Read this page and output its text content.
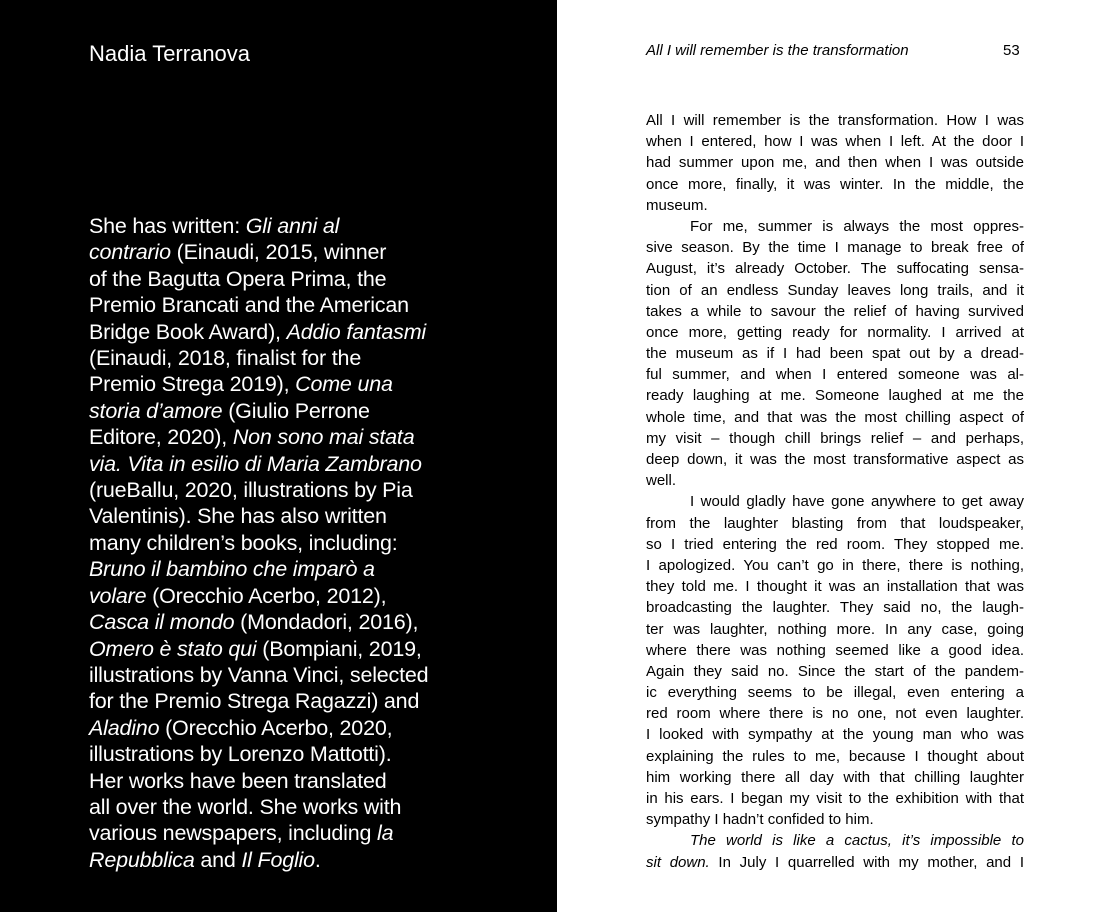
Nadia Terranova
She has written: Gli anni al
contrario (Einaudi, 2015, winner
of the Bagutta Opera Prima, the
Premio Brancati and the American
Bridge Book Award), Addio fantasmi
(Einaudi, 2018, finalist for the
Premio Strega 2019), Come una
storia d’amore (Giulio Perrone
Editore, 2020), Non sono mai stata
via. Vita in esilio di Maria Zambrano
(rueBallu, 2020, illustrations by Pia
Valentinis). She has also written
many children’s books, including:
Bruno il bambino che imparò a
volare (Orecchio Acerbo, 2012),
Casca il mondo (Mondadori, 2016),
Omero è stato qui (Bompiani, 2019,
illustrations by Vanna Vinci, selected
for the Premio Strega Ragazzi) and
Aladino (Orecchio Acerbo, 2020,
illustrations by Lorenzo Mattotti).
Her works have been translated
all over the world. She works with
various newspapers, including la
Repubblica and Il Foglio.
All I will remember is the transformation	53
All I will remember is the transformation. How I was
when I entered, how I was when I left. At the door I
had summer upon me, and then when I was outside
once more, finally, it was winter. In the middle, the
museum.
For me, summer is always the most oppres-
sive season. By the time I manage to break free of
August, it’s already October. The suffocating sensa-
tion of an endless Sunday leaves long trails, and it
takes a while to savour the relief of having survived
once more, getting ready for normality. I arrived at
the museum as if I had been spat out by a dread-
ful summer, and when I entered someone was al-
ready laughing at me. Someone laughed at me the
whole time, and that was the most chilling aspect of
my visit – though chill brings relief – and perhaps,
deep down, it was the most transformative aspect as
well.
I would gladly have gone anywhere to get away
from the laughter blasting from that loudspeaker,
so I tried entering the red room. They stopped me.
I apologized. You can’t go in there, there is nothing,
they told me. I thought it was an installation that was
broadcasting the laughter. They said no, the laugh-
ter was laughter, nothing more. In any case, going
where there was nothing seemed like a good idea.
Again they said no. Since the start of the pandem-
ic everything seems to be illegal, even entering a
red room where there is no one, not even laughter.
I looked with sympathy at the young man who was
explaining the rules to me, because I thought about
him working there all day with that chilling laughter
in his ears. I began my visit to the exhibition with that
sympathy I hadn’t confided to him.
The world is like a cactus, it’s impossible to
sit down. In July I quarrelled with my mother, and I
